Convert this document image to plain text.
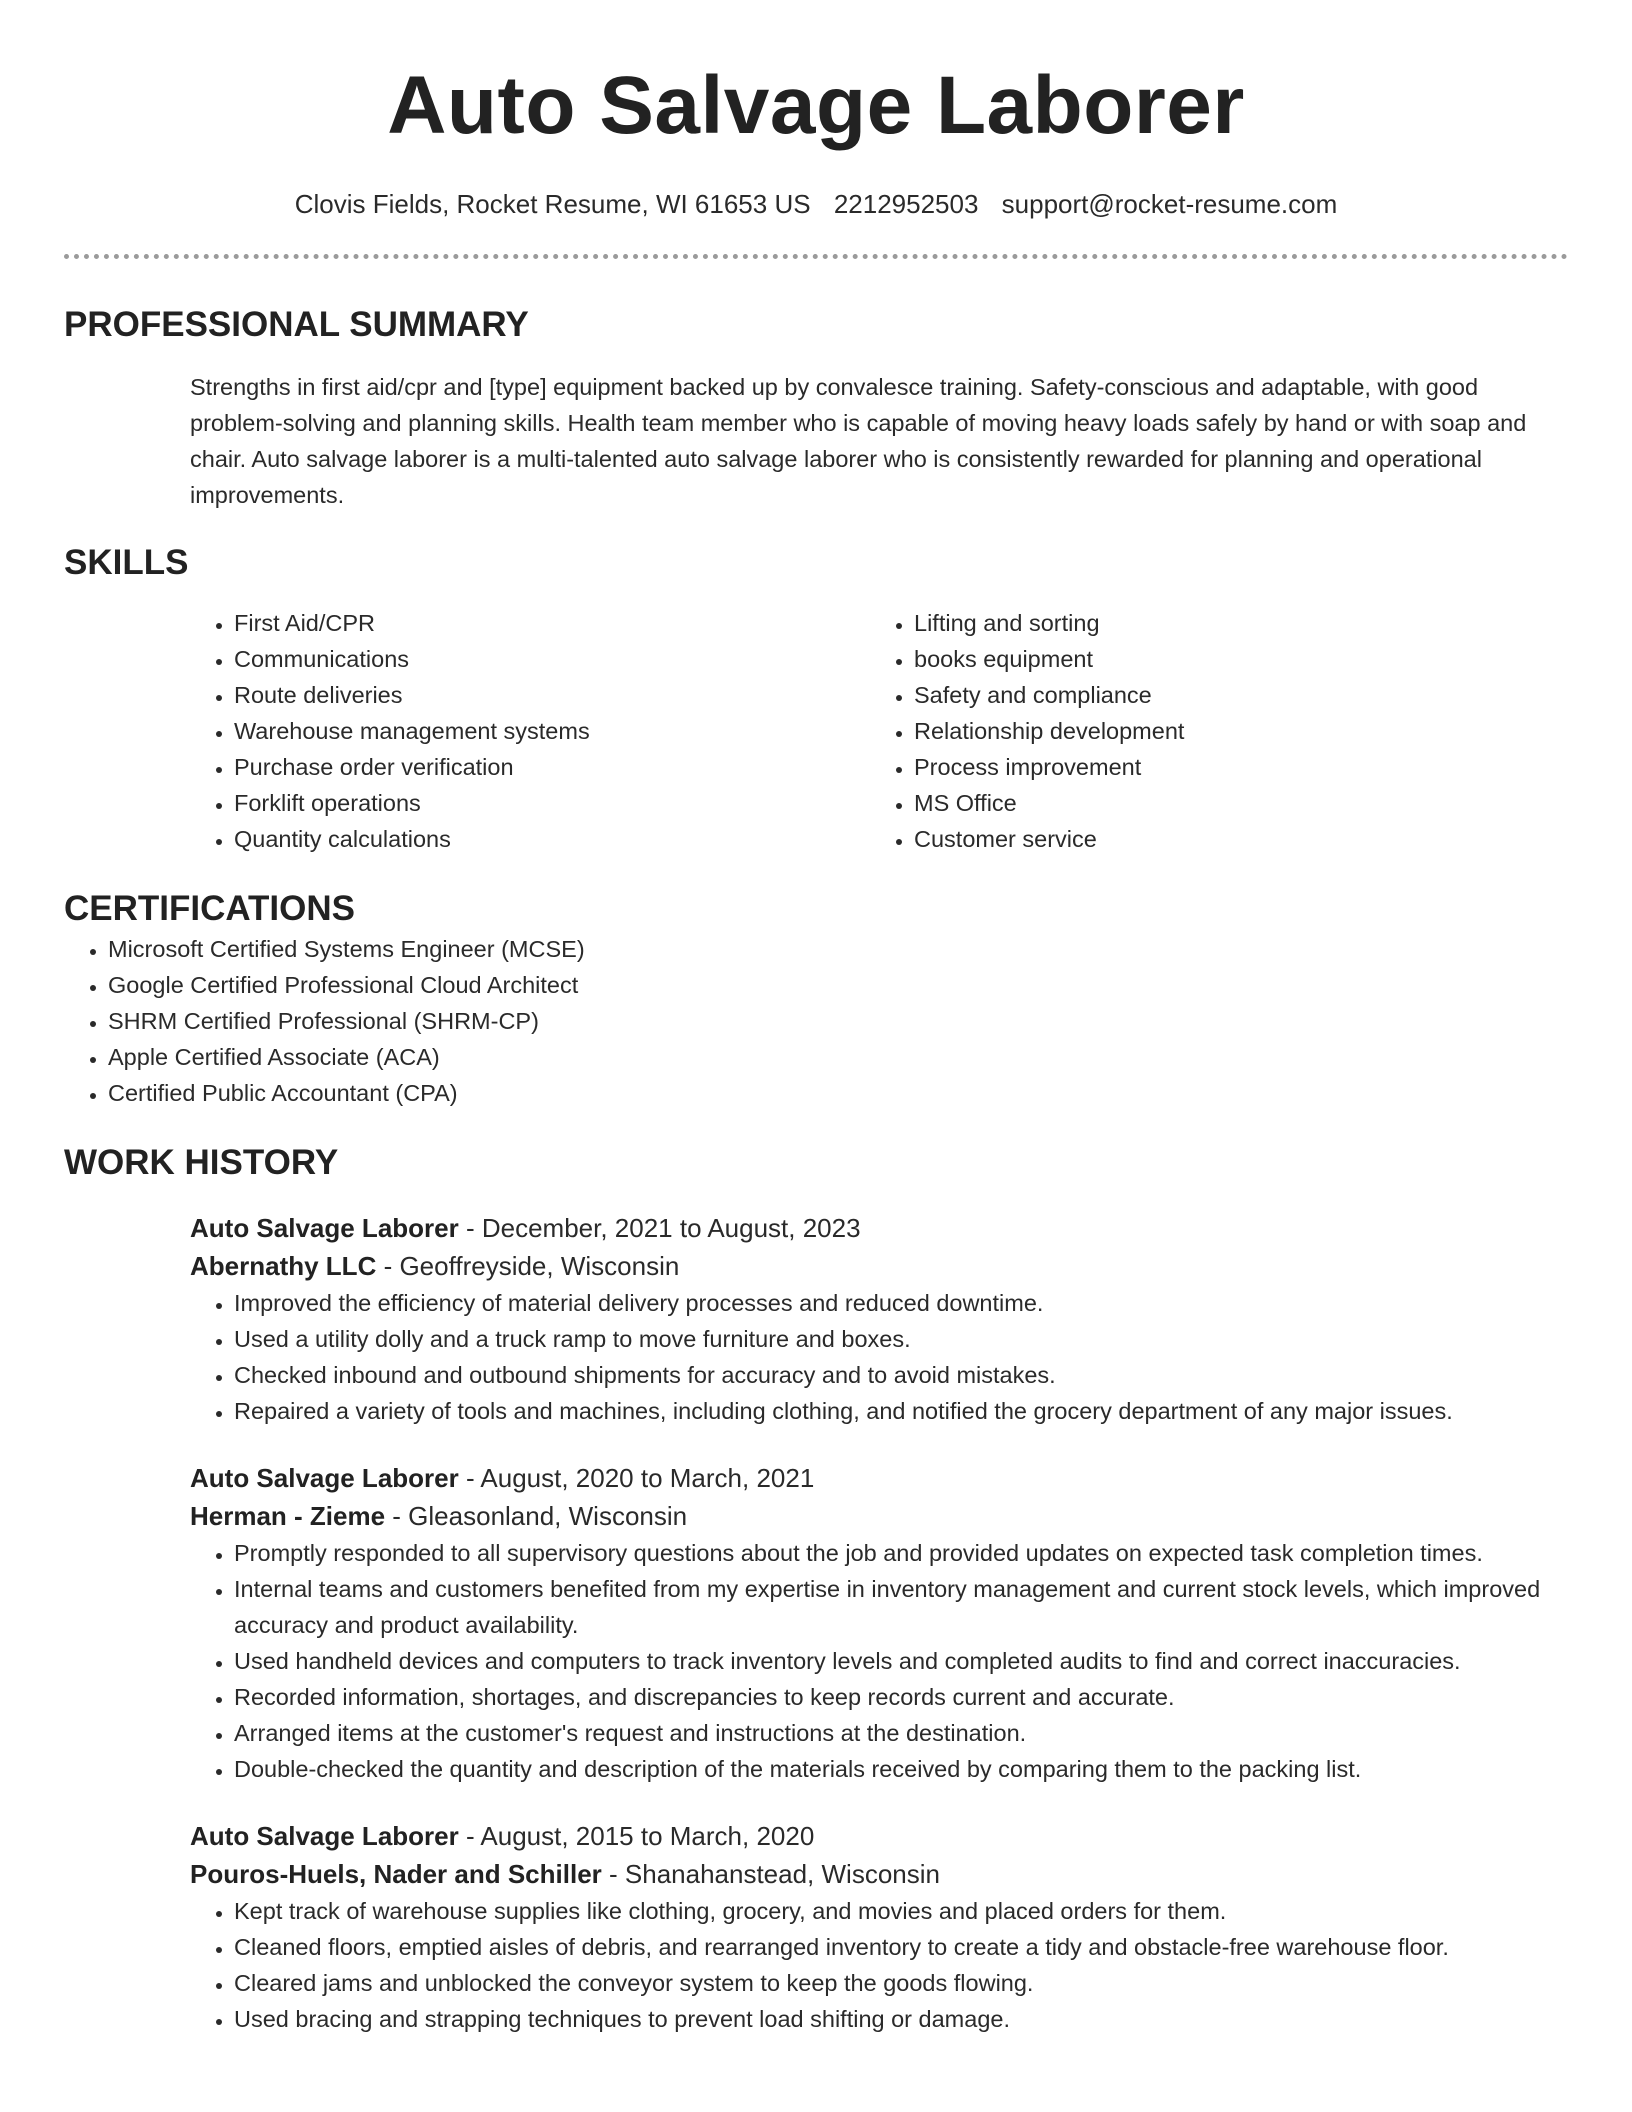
Auto Salvage Laborer
Clovis Fields, Rocket Resume, WI 61653 US 2212952503 support@rocket-resume.com
PROFESSIONAL SUMMARY

Strengths in first aid/cpr and [type] equipment backed up by convalesce training. Safety-conscious and adaptable, with good problem-solving and planning skills. Health team member who is capable of moving heavy loads safely by hand or with soap and chair. Auto salvage laborer is a multi-talented auto salvage laborer who is consistently rewarded for planning and operational improvements.

SKILLS
• First Aid/CPR
• Communications
• Route deliveries
• Warehouse management systems
• Purchase order verification
• Forklift operations
• Quantity calculations
• Lifting and sorting
• books equipment
• Safety and compliance
• Relationship development
• Process improvement
• MS Office
• Customer service
CERTIFICATIONS
• Microsoft Certified Systems Engineer (MCSE)
• Google Certified Professional Cloud Architect
• SHRM Certified Professional (SHRM-CP)
• Apple Certified Associate (ACA)
• Certified Public Accountant (CPA)
WORK HISTORY
Auto Salvage Laborer - December, 2021 to August, 2023
Abernathy LLC - Geoffreyside, Wisconsin
• Improved the efficiency of material delivery processes and reduced downtime.
• Used a utility dolly and a truck ramp to move furniture and boxes.
• Checked inbound and outbound shipments for accuracy and to avoid mistakes.
• Repaired a variety of tools and machines, including clothing, and notified the grocery department of any major issues.
Auto Salvage Laborer - August, 2020 to March, 2021
Herman - Zieme - Gleasonland, Wisconsin
• Promptly responded to all supervisory questions about the job and provided updates on expected task completion times.
• Internal teams and customers benefited from my expertise in inventory management and current stock levels, which improved accuracy and product availability.
• Used handheld devices and computers to track inventory levels and completed audits to find and correct inaccuracies.
• Recorded information, shortages, and discrepancies to keep records current and accurate.
• Arranged items at the customer's request and instructions at the destination.
• Double-checked the quantity and description of the materials received by comparing them to the packing list.
Auto Salvage Laborer - August, 2015 to March, 2020
Pouros-Huels, Nader and Schiller - Shanahanstead, Wisconsin
• Kept track of warehouse supplies like clothing, grocery, and movies and placed orders for them.
• Cleaned floors, emptied aisles of debris, and rearranged inventory to create a tidy and obstacle-free warehouse floor.
• Cleared jams and unblocked the conveyor system to keep the goods flowing.
• Used bracing and strapping techniques to prevent load shifting or damage.
